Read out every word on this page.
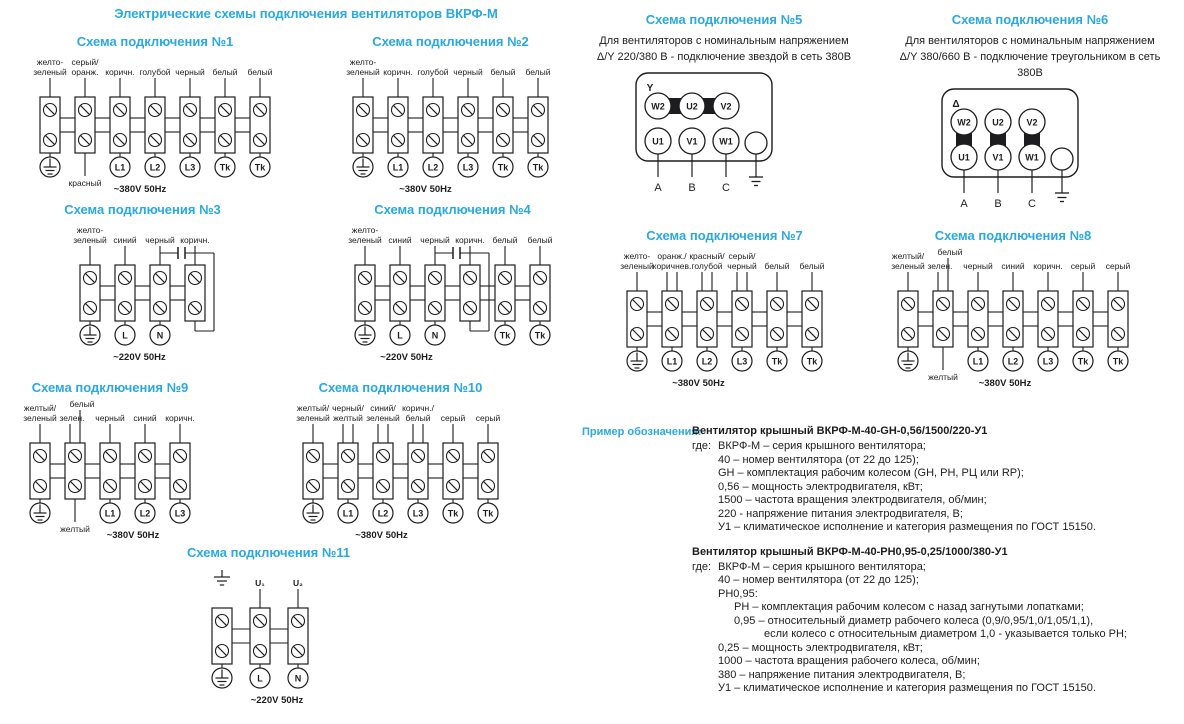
Электрические схемы подключения вентиляторов ВКРФ-М
Схема подключения №1
желто-
зеленый
серый/
оранж.
красный
коричн.
L1
голубой
L2
черный
L3
белый
Tk
белый
Tk
~380V 50Hz
Схема подключения №2
желто-
зеленый коричн.
L1
голубой
L2
черный
L3
белый
Tk
белый
Tk
~380V 50Hz
Схема подключения №3
желто-
зеленый синий
L
черный
N
коричн.
~220V 50Hz
Схема подключения №4
желто-
зеленый синий
L
черный
N
коричн. белый
Tk
белый
Tk
~220V 50Hz
Схема подключения №5
Для вентиляторов с номинальным напряжением Δ/Y 220/380 В - подключение звездой в сеть 380В
Y
W2
U1
A
U2
V1
B
V2
W1
C
Схема подключения №6
Для вентиляторов с номинальным напряжением Δ/Y 380/660 В - подключение треугольником в сеть 380В
Δ
W2
U1
A
U2
V1
B
V2
W1
C
Схема подключения №7
желто-
зеленый
оранж./
коричнев.
L1
красный/
голубой
L2
серый/
черный
L3
белый
Tk
белый
Tk
~380V 50Hz
Схема подключения №8
желтый/
зеленый зелен.
белый
желтый
черный
L1
синий
L2
коричн.
L3
серый
Tk
серый
Tk
~380V 50Hz
Схема подключения №9
желтый/
зеленый зелен.
белый
желтый
черный
L1
синий
L2
коричн.
L3
~380V 50Hz
Схема подключения №10
желтый/
зеленый
черный/
желтый
L1
синий/
зеленый
L2
коричн./
белый
L3
серый
Tk
серый
Tk
~380V 50Hz
Схема подключения №11
U₁
L
U₂
N
~220V 50Hz
Пример обозначения:
Вентилятор крышный ВКРФ-М-40-GH-0,56/1500/220-У1
где: ВКРФ-М – серия крышного вентилятора;
40 – номер вентилятора (от 22 до 125);
GH – комплектация рабочим колесом (GH, PH, РЦ или RP);
0,56 – мощность электродвигателя, кВт;
1500 – частота вращения электродвигателя, об/мин;
220 - напряжение питания электродвигателя, В;
У1 – климатическое исполнение и категория размещения по ГОСТ 15150.
Вентилятор крышный ВКРФ-М-40-РН0,95-0,25/1000/380-У1
где: ВКРФ-М – серия крышного вентилятора;
40 – номер вентилятора (от 22 до 125);
РН0,95:
РН – комплектация рабочим колесом с назад загнутыми лопатками;
0,95 – относительный диаметр рабочего колеса (0,9/0,95/1,0/1,05/1,1),
если колесо с относительным диаметром 1,0 - указывается только РН;
0,25 – мощность электродвигателя, кВт;
1000 – частота вращения рабочего колеса, об/мин;
380 – напряжение питания электродвигателя, В;
У1 – климатическое исполнение и категория размещения по ГОСТ 15150.
